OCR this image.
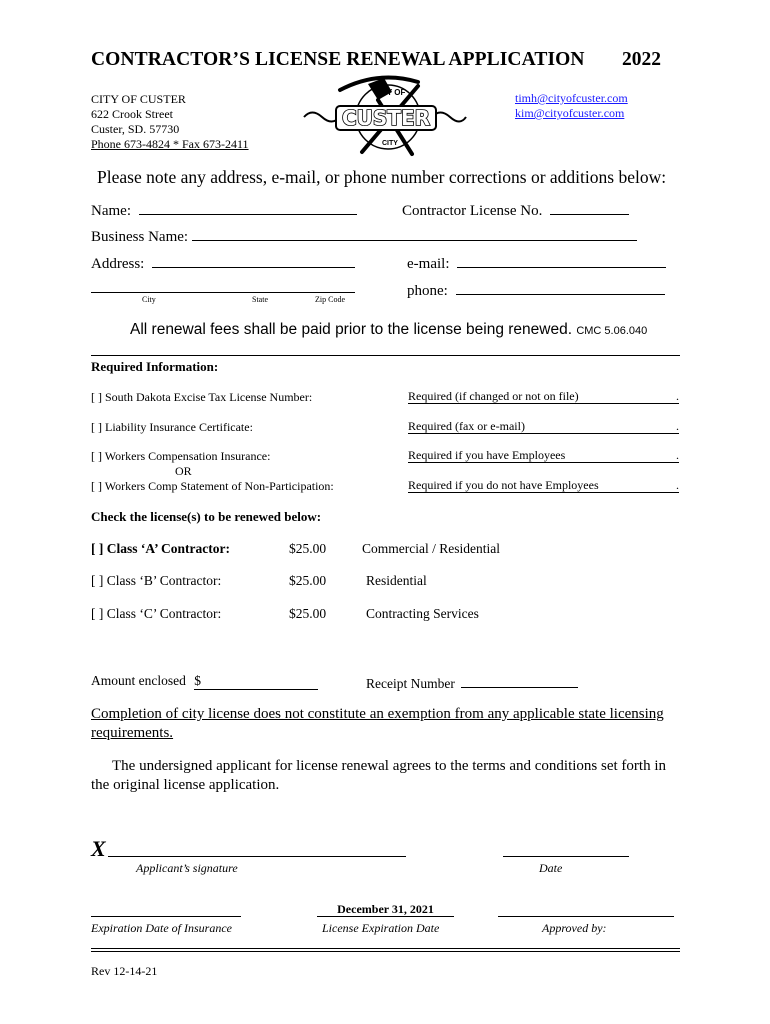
CONTRACTOR’S LICENSE RENEWAL APPLICATION 2022
CITY OF CUSTER
622 Crook Street
Custer, SD. 57730
Phone 673-4824 * Fax 673-2411
timh@cityofcuster.com
kim@cityofcuster.com
CITY OF
CITY
CUSTER
Please note any address, e-mail, or phone number corrections or additions below:
Name:	Contractor License No.
Business Name:
Address:	e-mail:
City	State	Zip Code
phone:
All renewal fees shall be paid prior to the license being renewed. CMC 5.06.040
Required Information:
[ ] South Dakota Excise Tax License Number:	Required (if changed or not on file)	.
[ ] Liability Insurance Certificate:	Required (fax or e-mail)	.
[ ] Workers Compensation Insurance:	Required if you have Employees	.
OR
[ ] Workers Comp Statement of Non-Participation:	Required if you do not have Employees	.
Check the license(s) to be renewed below:
[ ] Class ‘A’ Contractor:	$25.00	Commercial / Residential
[ ] Class ‘B’ Contractor:	$25.00	Residential
[ ] Class ‘C’ Contractor:	$25.00	Contracting Services
Amount enclosed $	Receipt Number
Completion of city license does not constitute an exemption from any applicable state licensing requirements.
The undersigned applicant for license renewal agrees to the terms and conditions set forth in the original license application.
X
Applicant’s signature	Date
December 31, 2021
Expiration Date of Insurance	License Expiration Date	Approved by:
Rev 12-14-21
